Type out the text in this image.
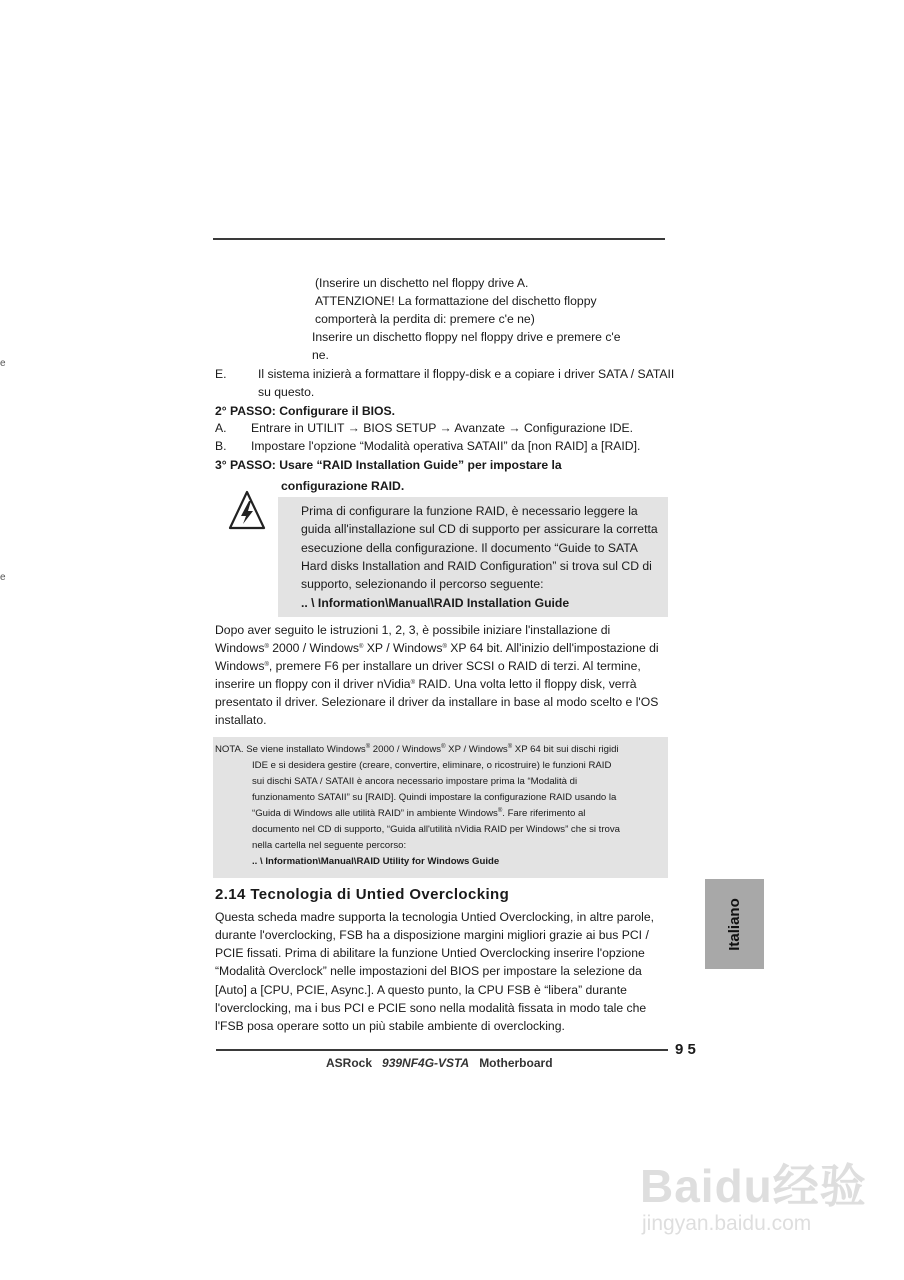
e
e
(Inserire un dischetto nel floppy drive A.
ATTENZIONE! La formattazione del dischetto floppy
comporterà la perdita di: premere c'e ne)
Inserire un dischetto floppy nel floppy drive e premere c'e
ne.
E.	Il sistema inizierà a formattare il floppy-disk e a copiare i driver SATA / SATAII
su questo.
2° PASSO: Configurare il BIOS.
A. Entrare in UTILIT → BIOS SETUP → Avanzate → Configurazione IDE.
B. Impostare l'opzione “Modalità operativa SATAII” da [non RAID] a [RAID].
3° PASSO: Usare “RAID Installation Guide” per impostare la
configurazione RAID.
Prima di configurare la funzione RAID, è necessario leggere la
guida all'installazione sul CD di supporto per assicurare la corretta
esecuzione della configurazione. Il documento “Guide to SATA
Hard disks Installation and RAID Configuration” si trova sul CD di
supporto, selezionando il percorso seguente:
.. \ Information\Manual\RAID Installation Guide
Dopo aver seguito le istruzioni 1, 2, 3, è possibile iniziare l'installazione di
Windows® 2000 / Windows® XP / Windows® XP 64 bit. All'inizio dell'impostazione di
Windows®, premere F6 per installare un driver SCSI o RAID di terzi. Al termine,
inserire un floppy con il driver nVidia® RAID. Una volta letto il floppy disk, verrà
presentato il driver. Selezionare il driver da installare in base al modo scelto e l'OS
installato.
NOTA. Se viene installato Windows® 2000 / Windows® XP / Windows® XP 64 bit sui dischi rigidi
IDE e si desidera gestire (creare, convertire, eliminare, o ricostruire) le funzioni RAID
sui dischi SATA / SATAII è ancora necessario impostare prima la “Modalità di
funzionamento SATAII” su [RAID]. Quindi impostare la configurazione RAID usando la
“Guida di Windows alle utilità RAID” in ambiente Windows®. Fare riferimento al
documento nel CD di supporto, “Guida all'utilità nVidia RAID per Windows” che si trova
nella cartella nel seguente percorso:
.. \ Information\Manual\RAID Utility for Windows Guide
2.14 Tecnologia di Untied Overclocking
Questa scheda madre supporta la tecnologia Untied Overclocking, in altre parole,
durante l'overclocking, FSB ha a disposizione margini migliori grazie ai bus PCI /
PCIE fissati. Prima di abilitare la funzione Untied Overclocking inserire l'opzione
“Modalità Overclock” nelle impostazioni del BIOS per impostare la selezione da
[Auto] a [CPU, PCIE, Async.]. A questo punto, la CPU FSB è “libera” durante
l'overclocking, ma i bus PCI e PCIE sono nella modalità fissata in modo tale che
l'FSB posa operare sotto un più stabile ambiente di overclocking.
Italiano
9 5
ASRock 939NF4G-VSTA Motherboard
Baidu经验
jingyan.baidu.com
